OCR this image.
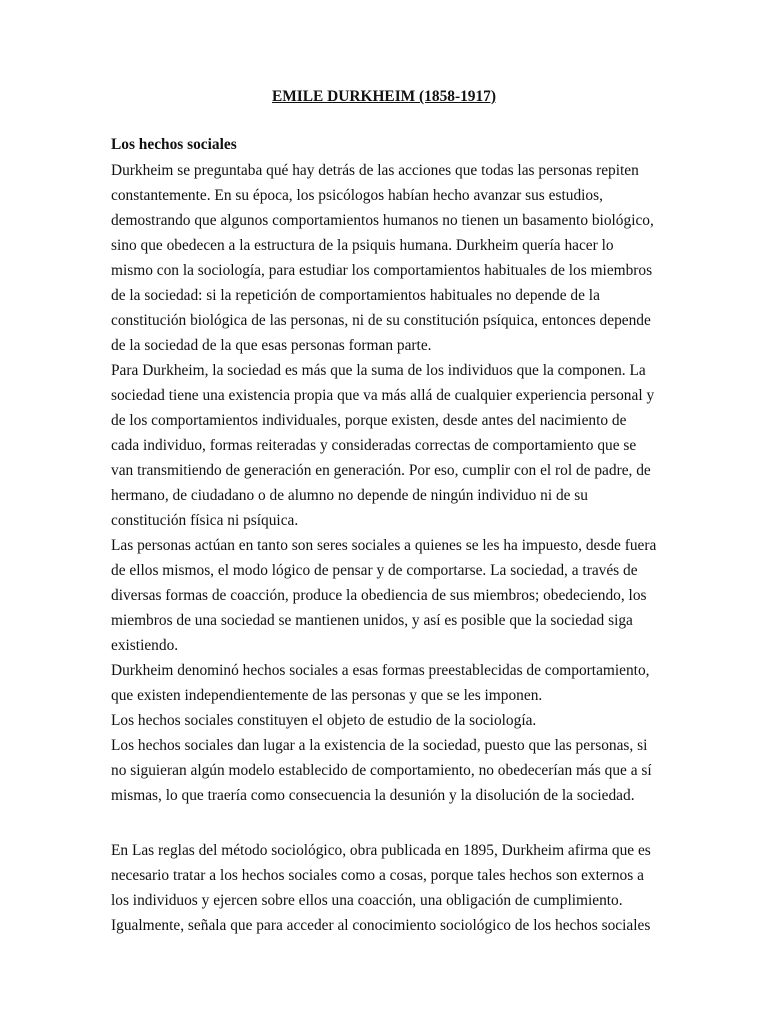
EMILE DURKHEIM (1858-1917)
Los hechos sociales

Durkheim se preguntaba qué hay detrás de las acciones que todas las personas repiten
constantemente. En su época, los psicólogos habían hecho avanzar sus estudios,
demostrando que algunos comportamientos humanos no tienen un basamento biológico,
sino que obedecen a la estructura de la psiquis humana. Durkheim quería hacer lo
mismo con la sociología, para estudiar los comportamientos habituales de los miembros
de la sociedad: si la repetición de comportamientos habituales no depende de la
constitución biológica de las personas, ni de su constitución psíquica, entonces depende
de la sociedad de la que esas personas forman parte.

Para Durkheim, la sociedad es más que la suma de los individuos que la componen. La
sociedad tiene una existencia propia que va más allá de cualquier experiencia personal y
de los comportamientos individuales, porque existen, desde antes del nacimiento de
cada individuo, formas reiteradas y consideradas correctas de comportamiento que se
van transmitiendo de generación en generación. Por eso, cumplir con el rol de padre, de
hermano, de ciudadano o de alumno no depende de ningún individuo ni de su
constitución física ni psíquica.

Las personas actúan en tanto son seres sociales a quienes se les ha impuesto, desde fuera
de ellos mismos, el modo lógico de pensar y de comportarse. La sociedad, a través de
diversas formas de coacción, produce la obediencia de sus miembros; obedeciendo, los
miembros de una sociedad se mantienen unidos, y así es posible que la sociedad siga
existiendo.

Durkheim denominó hechos sociales a esas formas preestablecidas de comportamiento,
que existen independientemente de las personas y que se les imponen.

Los hechos sociales constituyen el objeto de estudio de la sociología.

Los hechos sociales dan lugar a la existencia de la sociedad, puesto que las personas, si
no siguieran algún modelo establecido de comportamiento, no obedecerían más que a sí
mismas, lo que traería como consecuencia la desunión y la disolución de la sociedad.

En Las reglas del método sociológico, obra publicada en 1895, Durkheim afirma que es
necesario tratar a los hechos sociales como a cosas, porque tales hechos son externos a
los individuos y ejercen sobre ellos una coacción, una obligación de cumplimiento.
Igualmente, señala que para acceder al conocimiento sociológico de los hechos sociales
